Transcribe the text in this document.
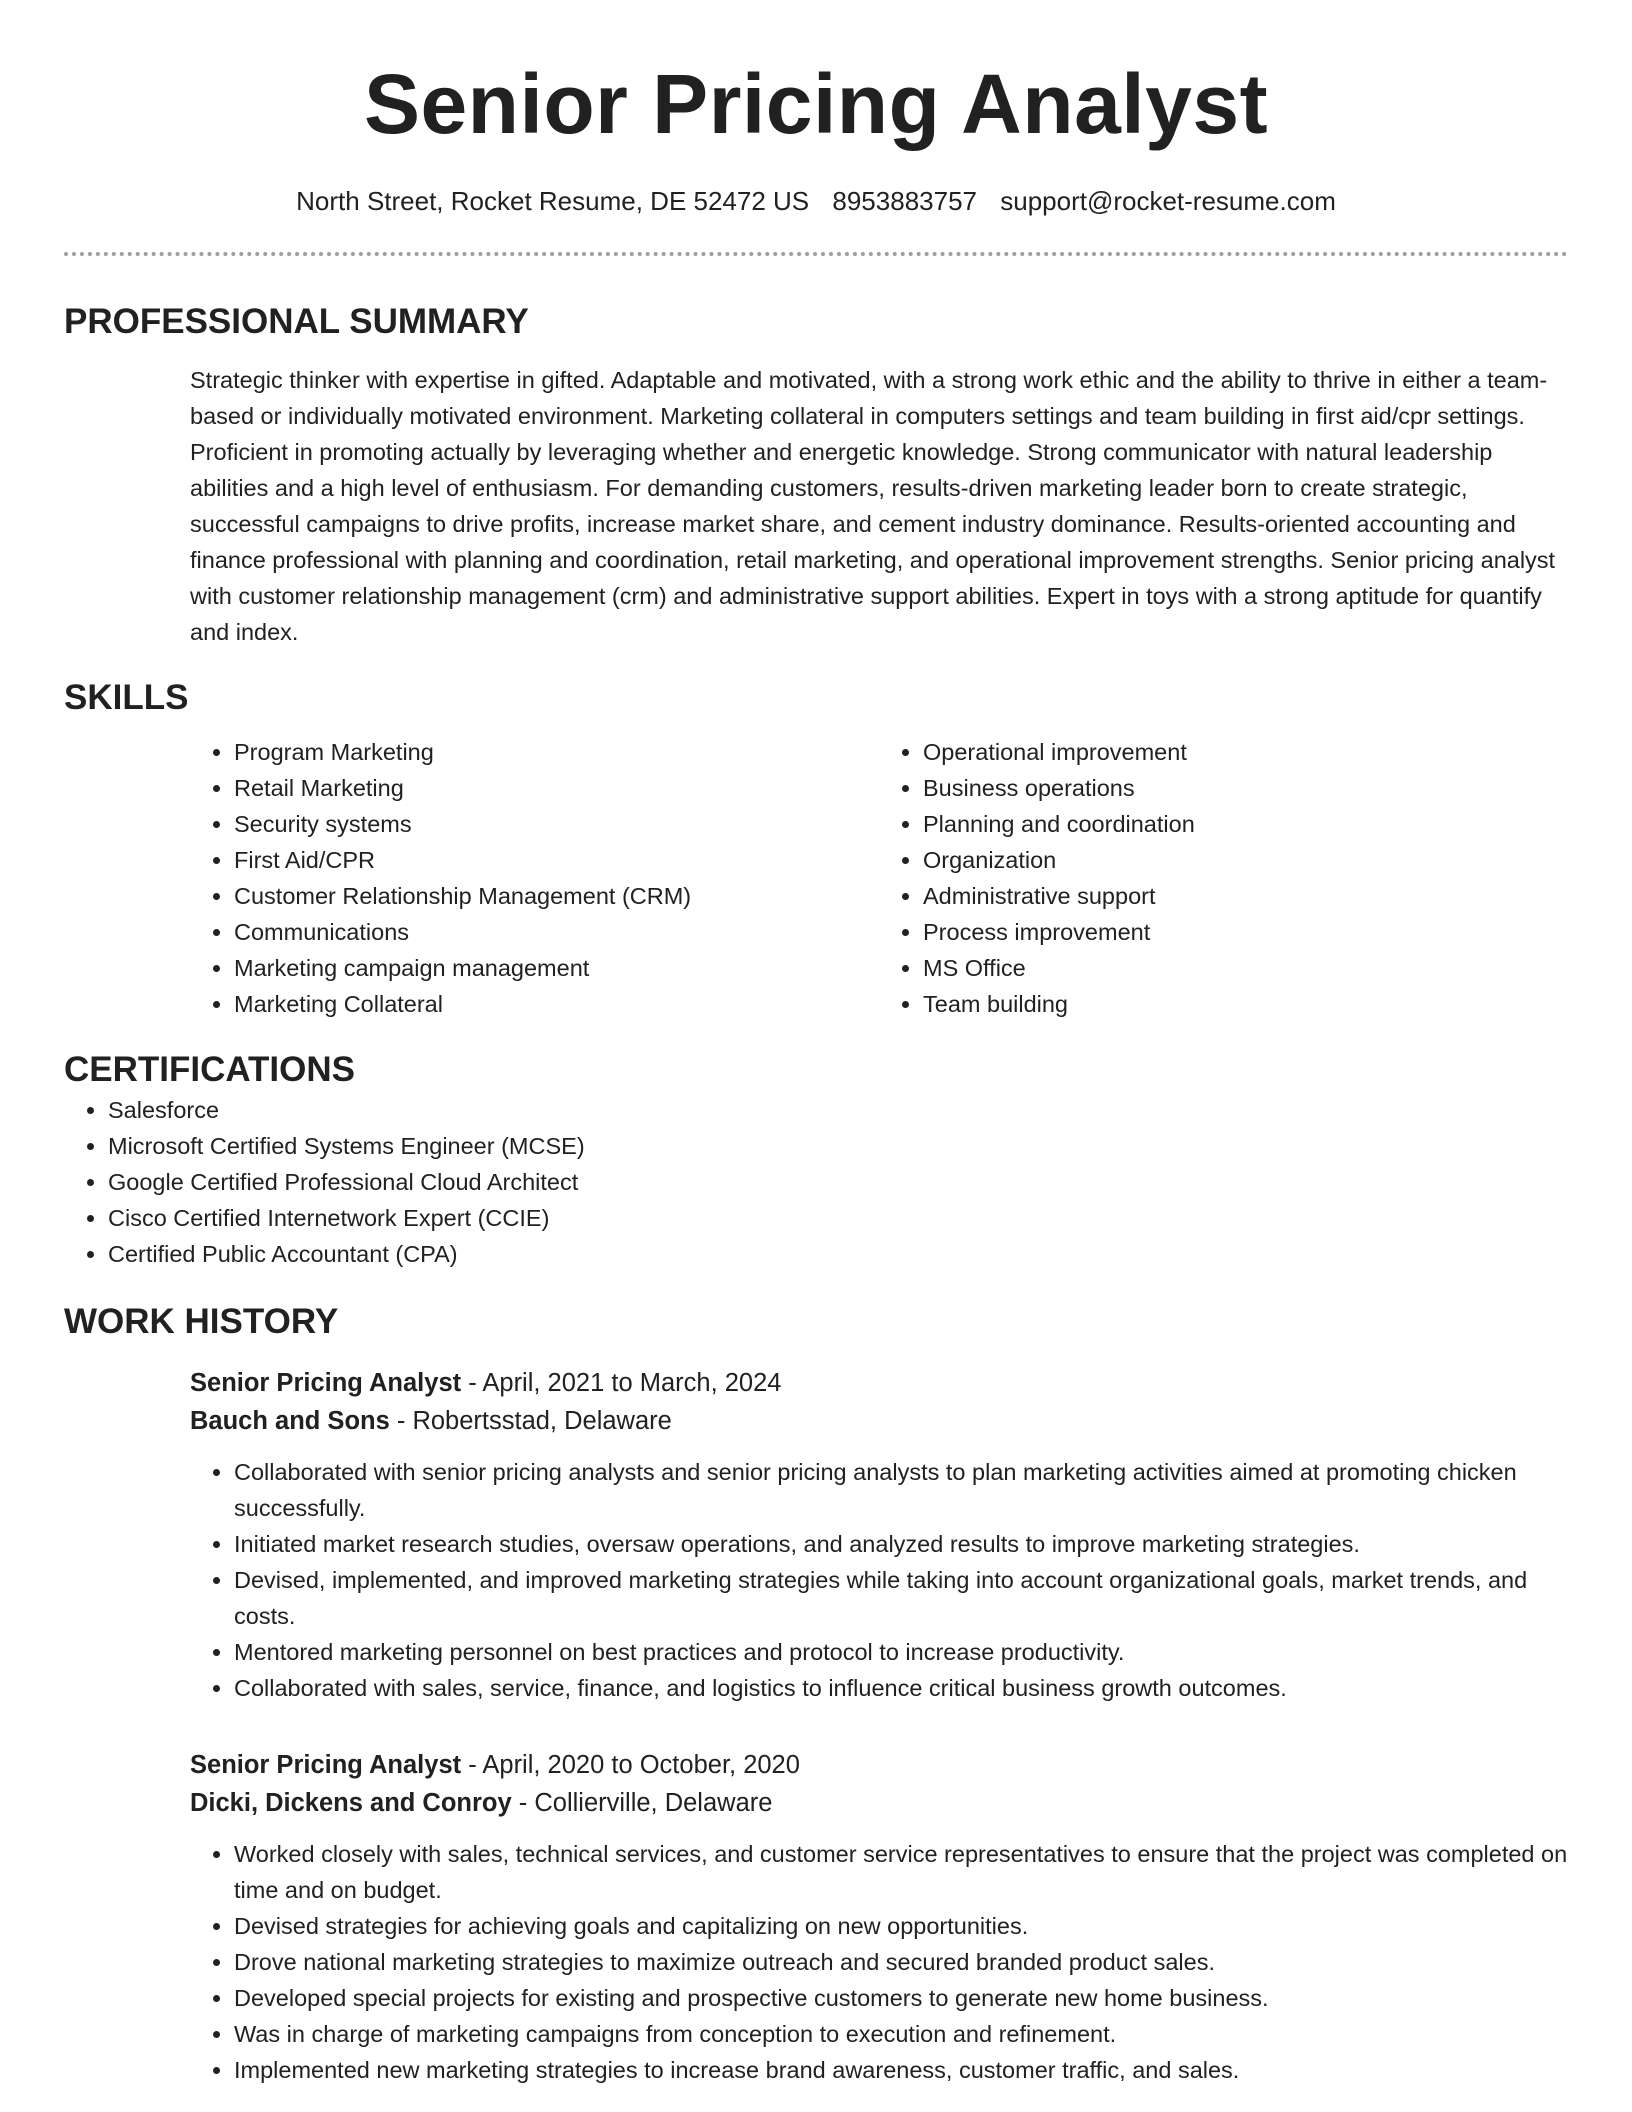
Senior Pricing Analyst
North Street, Rocket Resume, DE 52472 US 8953883757 support@rocket-resume.com
PROFESSIONAL SUMMARY

Strategic thinker with expertise in gifted. Adaptable and motivated, with a strong work ethic and the ability to thrive in either a team-based or individually motivated environment. Marketing collateral in computers settings and team building in first aid/cpr settings. Proficient in promoting actually by leveraging whether and energetic knowledge. Strong communicator with natural leadership abilities and a high level of enthusiasm. For demanding customers, results-driven marketing leader born to create strategic, successful campaigns to drive profits, increase market share, and cement industry dominance. Results-oriented accounting and finance professional with planning and coordination, retail marketing, and operational improvement strengths. Senior pricing analyst with customer relationship management (crm) and administrative support abilities. Expert in toys with a strong aptitude for quantify and index.

SKILLS
• Program Marketing
• Retail Marketing
• Security systems
• First Aid/CPR
• Customer Relationship Management (CRM)
• Communications
• Marketing campaign management
• Marketing Collateral
• Operational improvement
• Business operations
• Planning and coordination
• Organization
• Administrative support
• Process improvement
• MS Office
• Team building
CERTIFICATIONS
• Salesforce
• Microsoft Certified Systems Engineer (MCSE)
• Google Certified Professional Cloud Architect
• Cisco Certified Internetwork Expert (CCIE)
• Certified Public Accountant (CPA)
WORK HISTORY
Senior Pricing Analyst - April, 2021 to March, 2024
Bauch and Sons - Robertsstad, Delaware
• Collaborated with senior pricing analysts and senior pricing analysts to plan marketing activities aimed at promoting chicken successfully.
• Initiated market research studies, oversaw operations, and analyzed results to improve marketing strategies.
• Devised, implemented, and improved marketing strategies while taking into account organizational goals, market trends, and costs.
• Mentored marketing personnel on best practices and protocol to increase productivity.
• Collaborated with sales, service, finance, and logistics to influence critical business growth outcomes.
Senior Pricing Analyst - April, 2020 to October, 2020
Dicki, Dickens and Conroy - Collierville, Delaware
• Worked closely with sales, technical services, and customer service representatives to ensure that the project was completed on time and on budget.
• Devised strategies for achieving goals and capitalizing on new opportunities.
• Drove national marketing strategies to maximize outreach and secured branded product sales.
• Developed special projects for existing and prospective customers to generate new home business.
• Was in charge of marketing campaigns from conception to execution and refinement.
• Implemented new marketing strategies to increase brand awareness, customer traffic, and sales.
